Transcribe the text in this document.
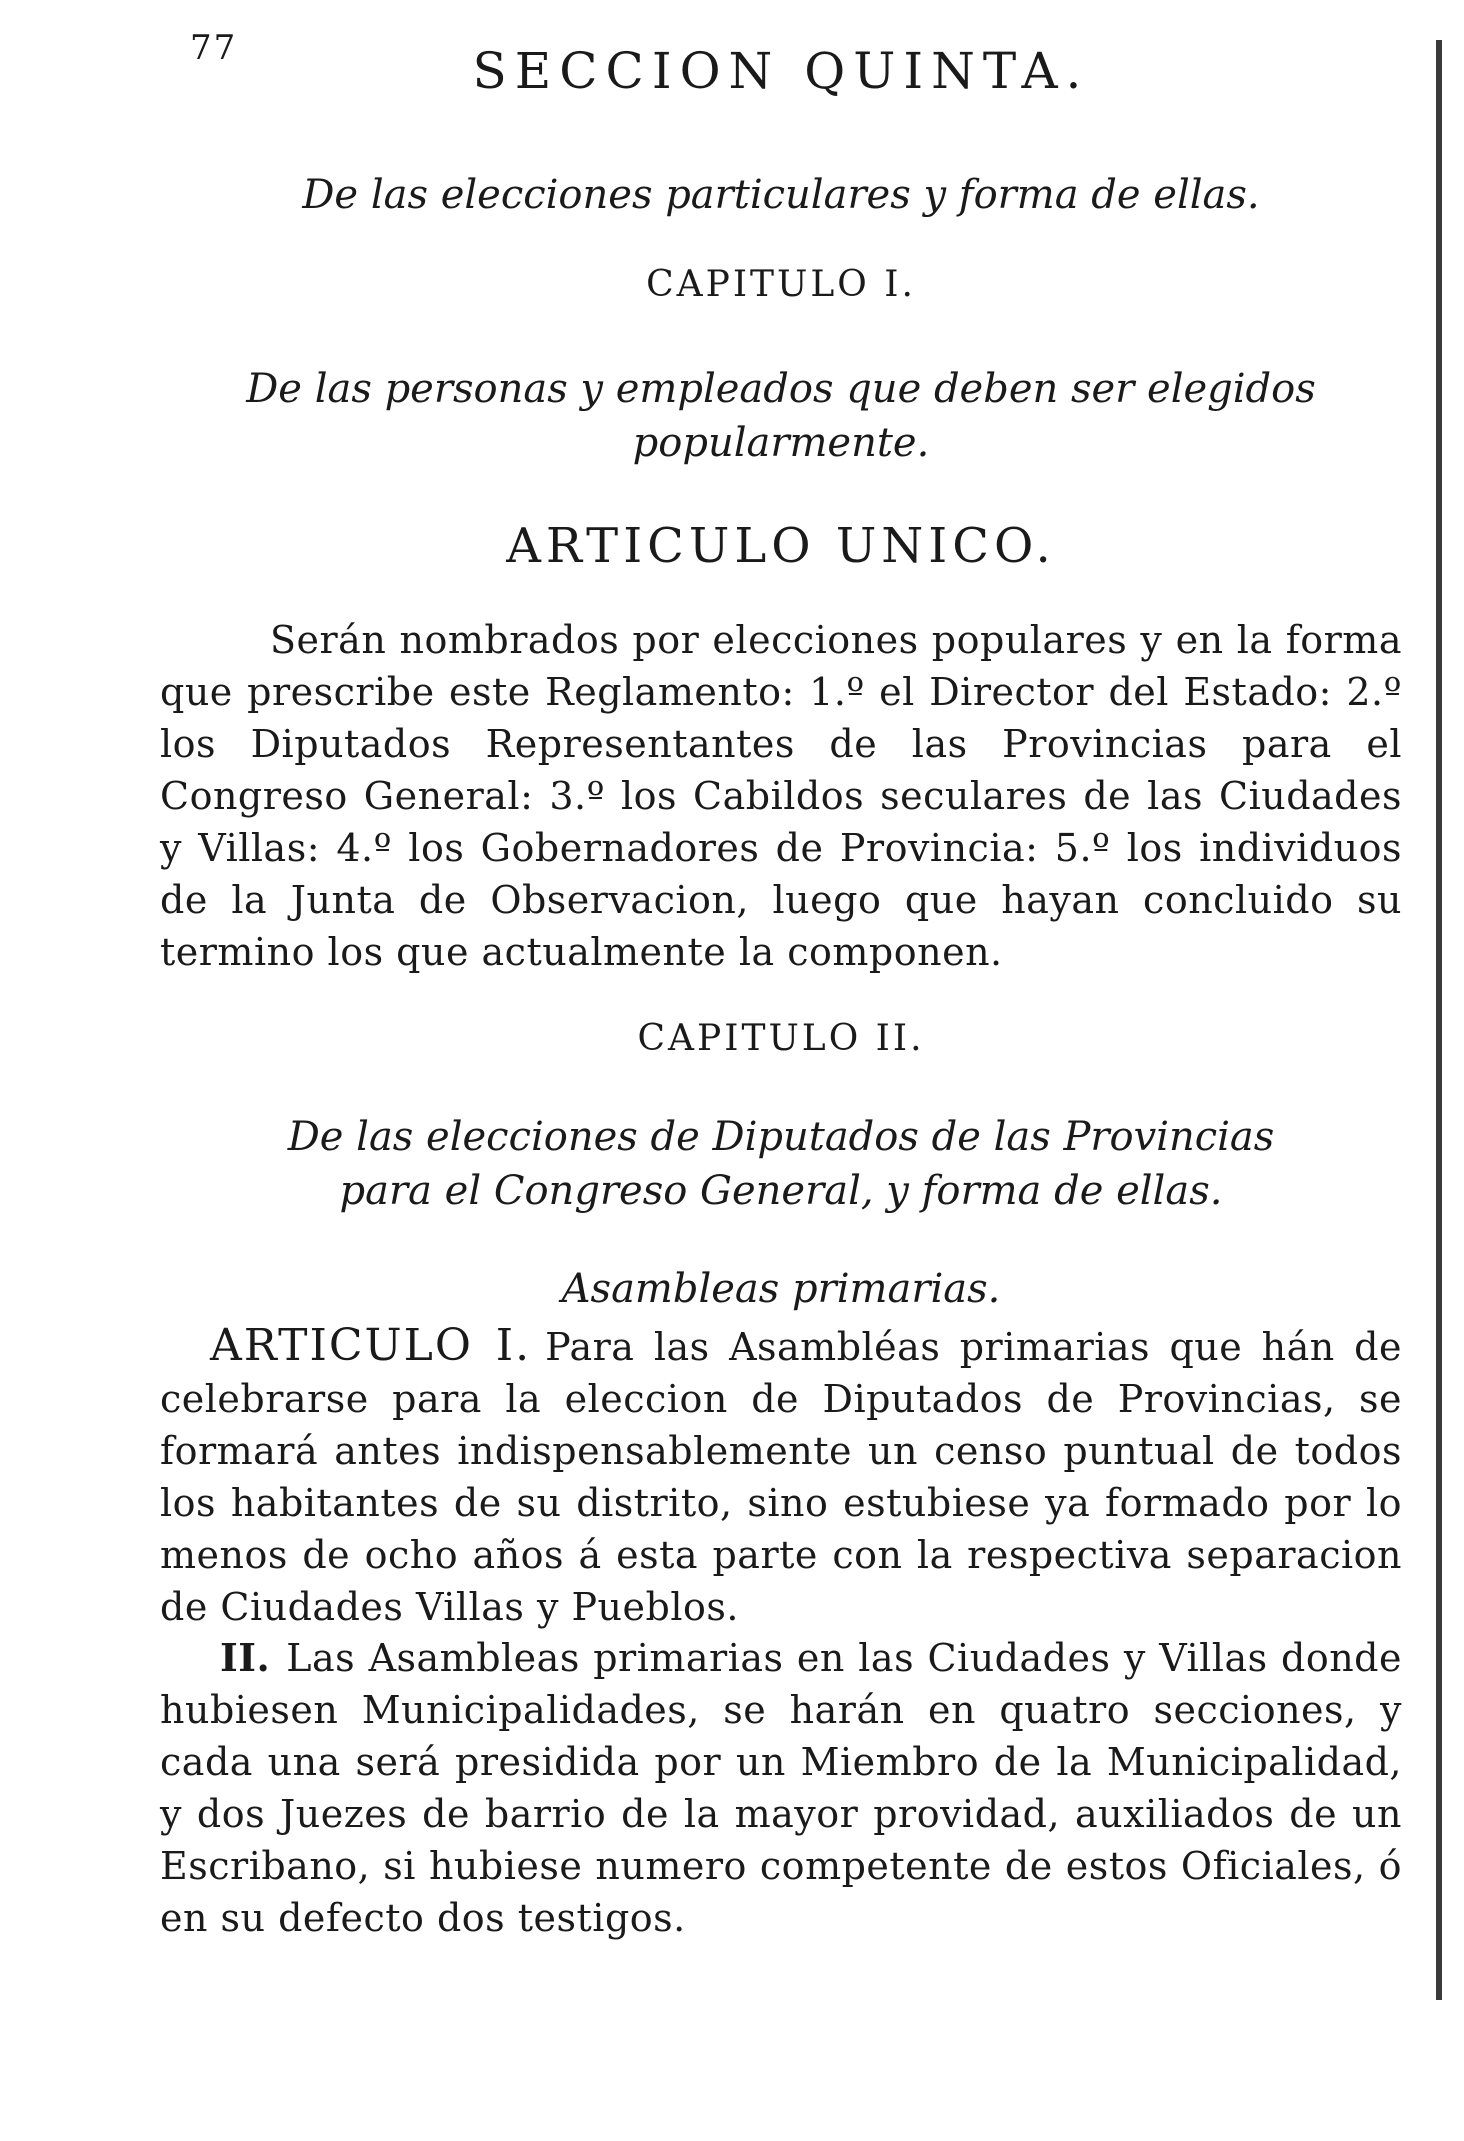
77	SECCION QUINTA.
De las elecciones particulares y forma de ellas.
CAPITULO I.
De las personas y empleados que deben ser elegidos
popularmente.
ARTICULO UNICO.
Serán nombrados por elecciones populares y en la forma que prescribe este Reglamento: 1.º el Director del Estado: 2.º los Diputados Representantes de las Provincias para el Congreso General: 3.º los Cabildos seculares de las Ciudades y Villas: 4.º los Gobernadores de Provincia: 5.º los individuos de la Junta de Observacion, luego que hayan concluido su termino los que actualmente la componen.
CAPITULO II.
De las elecciones de Diputados de las Provincias
para el Congreso General, y forma de ellas.
Asambleas primarias.
ARTICULO I. Para las Asambléas primarias que hán de celebrarse para la eleccion de Diputados de Provincias, se formará antes indispensablemente un censo puntual de todos los habitantes de su distrito, sino estubiese ya formado por lo menos de ocho años á esta parte con la respectiva separacion de Ciudades Villas y Pueblos.
II. Las Asambleas primarias en las Ciudades y Villas donde hubiesen Municipalidades, se harán en quatro secciones, y cada una será presidida por un Miembro de la Municipalidad, y dos Juezes de barrio de la mayor providad, auxiliados de un Escribano, si hubiese numero competente de estos Oficiales, ó en su defecto dos testigos.
